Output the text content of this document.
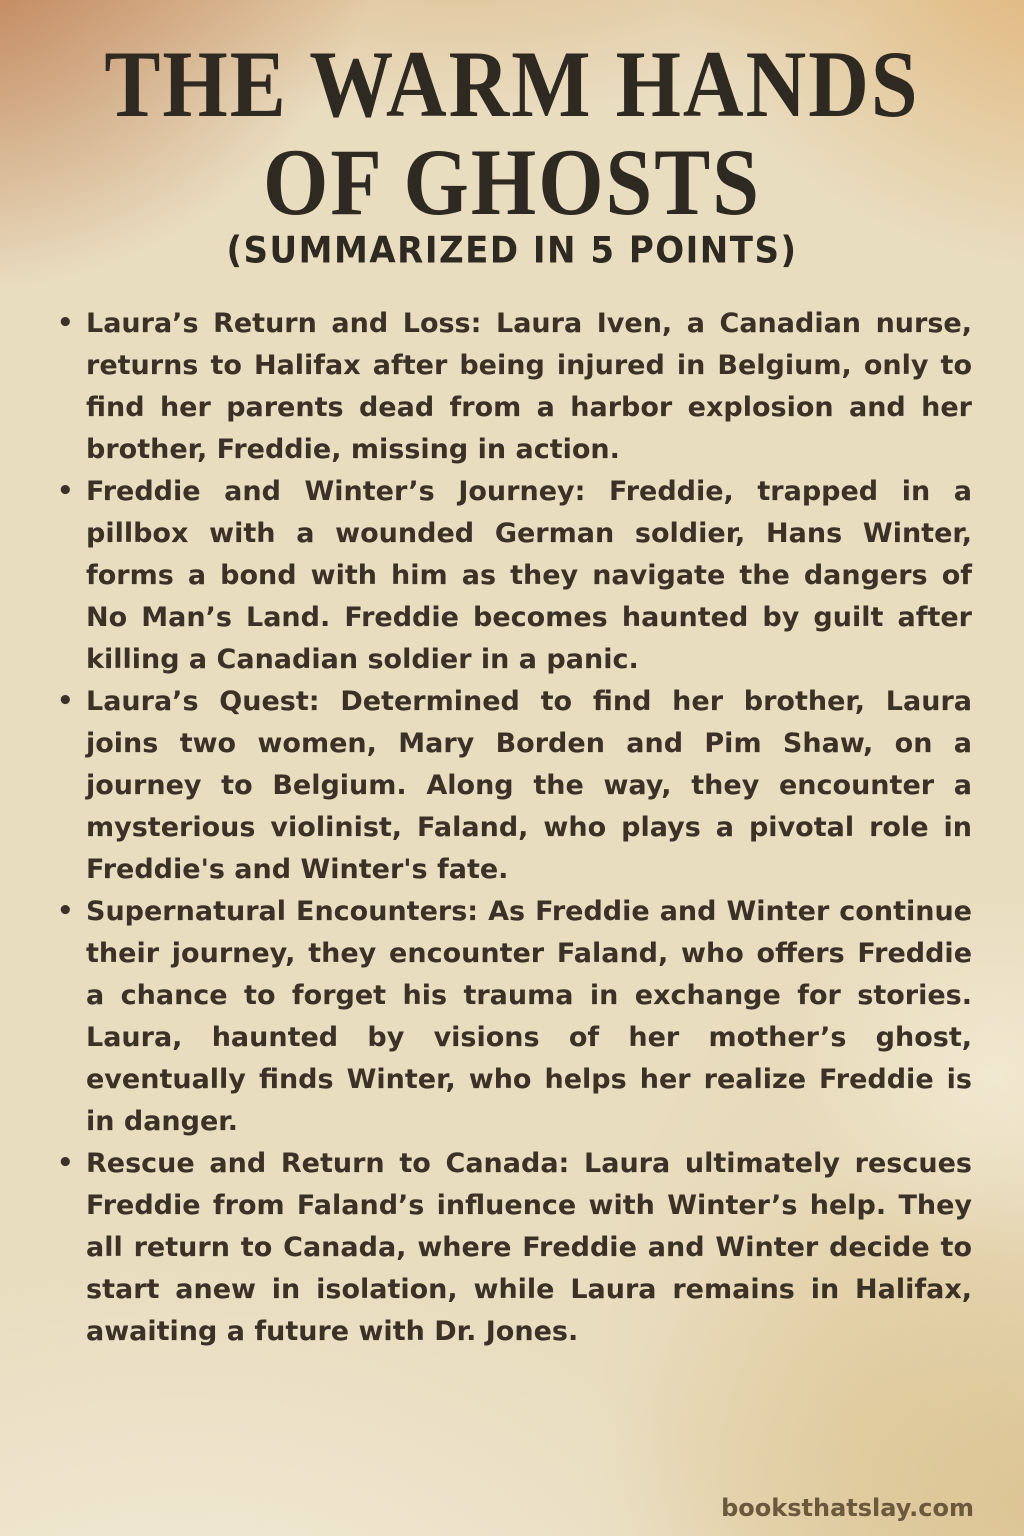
THE WARM HANDS
OF GHOSTS
(SUMMARIZED IN 5 POINTS)
• Laura’s Return and Loss: Laura Iven, a Canadian nurse, returns to Halifax after being injured in Belgium, only to find her parents dead from a harbor explosion and her brother, Freddie, missing in action.
• Freddie and Winter’s Journey: Freddie, trapped in a pillbox with a wounded German soldier, Hans Winter, forms a bond with him as they navigate the dangers of No Man’s Land. Freddie becomes haunted by guilt after killing a Canadian soldier in a panic.
• Laura’s Quest: Determined to find her brother, Laura joins two women, Mary Borden and Pim Shaw, on a journey to Belgium. Along the way, they encounter a mysterious violinist, Faland, who plays a pivotal role in Freddie's and Winter's fate.
• Supernatural Encounters: As Freddie and Winter continue their journey, they encounter Faland, who offers Freddie a chance to forget his trauma in exchange for stories. Laura, haunted by visions of her mother’s ghost, eventually finds Winter, who helps her realize Freddie is in danger.
• Rescue and Return to Canada: Laura ultimately rescues Freddie from Faland’s influence with Winter’s help. They all return to Canada, where Freddie and Winter decide to start anew in isolation, while Laura remains in Halifax, awaiting a future with Dr. Jones.
booksthatslay.com
